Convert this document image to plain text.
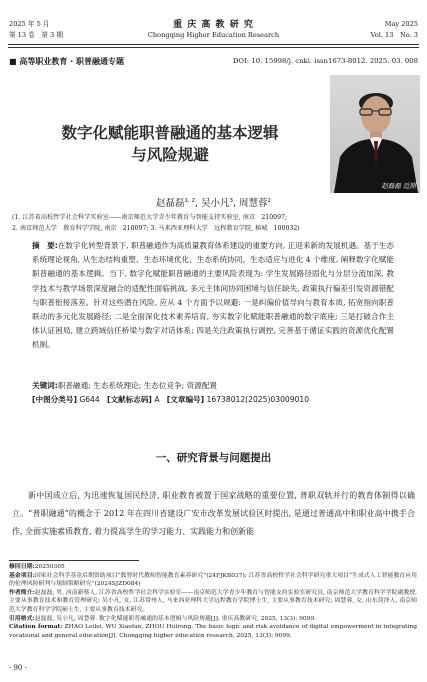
2025 年 5 月
第 13 卷　第 3 期
重 庆 高 教 研 究
Chongqing Higher Education Research
May 2025
Vol. 13　No. 3
■ 高等职业教育 · 职普融通专题	DOI: 10. 15998/j. cnki. issn1673-8012. 2025. 03. 008
数字化赋能职普融通的基本逻辑
与风险规避
赵磊磊 近照
赵磊磊$^{1, 2}$, 吴小凡$^3$, 周慧蓉$^2$
(1. 江苏省高校哲学社会科学实验室——南京师范大学青少年教育与智能支持实验室, 南京　210097;
2. 南京师范大学　教育科学学院, 南京　210097; 3. 马来西亚理科大学　远程教育学院, 槟城　100032)
摘　要:在数字化转型背景下, 职普融通作为高质量教育体系建设的重要方向, 正迎来新的发展机遇。基于生态系统理论视角, 从生态结构重塑、生态环境优化、生态系统协同、生态适应与进化 4 个维度, 阐释数字化赋能职普融通的基本逻辑。当下, 数字化赋能职普融通的主要风险表现为: 学生发展路径固化与分层分流加深, 教学技术与教学场景深度融合的适配性面临挑战, 多元主体间协同困境与信任缺失, 政策执行偏差引发资源错配与职普衔接落差。针对这些潜在风险, 应从 4 个方面予以规避: 一是纠偏价值导向与教育本质, 拓宽指向职普联动的多元化发展路径; 二是全面深化技术素养培育, 夯实数字化赋能职普融通的数字底座; 三是打破合作主体认证困局, 建立跨域信任桥梁与数字对话体系; 四是关注政策执行调控, 完善基于循证实践的资源优化配置机制。
关键词:职普融通; 生态系统理论; 生态位竞争; 资源配置
[中图分类号] G644 [文献标志码] A [文章编号] 16738012(2025)03009010
一、研究背景与问题提出
新中国成立后, 为迅速恢复国民经济, 职业教育被置于国家战略的重要位置, 普职双轨并行的教育体制得以确立。“普职融通”的概念于 2012 年在四川省建设广安市改革发展试验区时提出, 是通过普通高中和职业高中携手合作, 全面实施素质教育, 着力提高学生的学习能力、实践能力和创新能
修回日期:20250305
基金项目:国家社会科学基金后期资助项目“数智时代教师智能教育素养研究”(24FJKB037); 江苏省高校哲学社会科学研究重大项目“生成式人工智能教育应用的伦理风险研判与规制策略研究”(2024SJZD084)
作者简介:赵磊磊, 男, 河南新蔡人, 江苏省高校哲学社会科学实验室——南京师范大学青少年教育与智能支持实验室研究员, 南京师范大学教育科学学院副教授, 主要从事教育技术和教育管理研究; 吴小凡, 女, 江苏常州人, 马来西亚理科大学远程教育学院博士生, 主要从事教育技术研究; 周慧蓉, 女, 山东菏泽人, 南京师范大学教育科学学院硕士生, 主要从事教育技术研究。
引用格式:赵磊磊, 吴小凡, 周慧蓉. 数字化赋能职普融通的基本逻辑与风险规避[J]. 重庆高教研究, 2025, 13(3): 9099.
Citation format: ZHAO Leilei, WU Xiaofan, ZHOU Huirong. The basic logic and risk avoidance of digital empowerment in integrating vocational and general education[J]. Chongqing higher education research, 2025, 13(3): 9099.
· 90 ·
